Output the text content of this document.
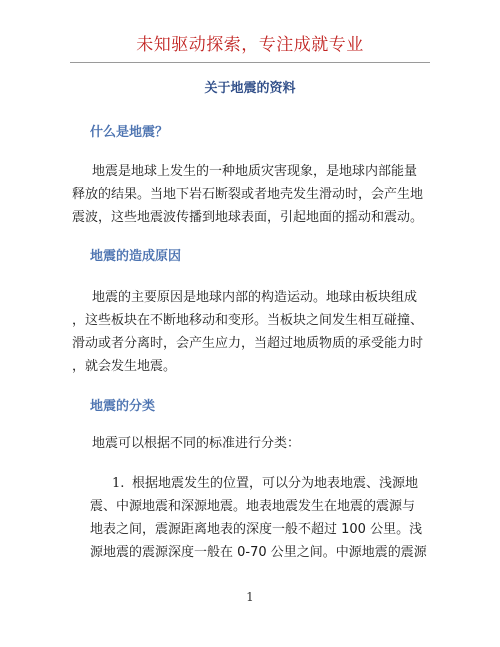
未知驱动探索，专注成就专业
关于地震的资料
什么是地震？
地震是地球上发生的一种地质灾害现象，是地球内部能量
释放的结果。当地下岩石断裂或者地壳发生滑动时，会产生地
震波，这些地震波传播到地球表面，引起地面的摇动和震动。
地震的造成原因
地震的主要原因是地球内部的构造运动。地球由板块组成
，这些板块在不断地移动和变形。当板块之间发生相互碰撞、
滑动或者分离时，会产生应力，当超过地质物质的承受能力时
，就会发生地震。
地震的分类
地震可以根据不同的标准进行分类：
1. 根据地震发生的位置，可以分为地表地震、浅源地
震、中源地震和深源地震。地表地震发生在地震的震源与
地表之间，震源距离地表的深度一般不超过 100 公里。浅
源地震的震源深度一般在 0-70 公里之间。中源地震的震源
1
